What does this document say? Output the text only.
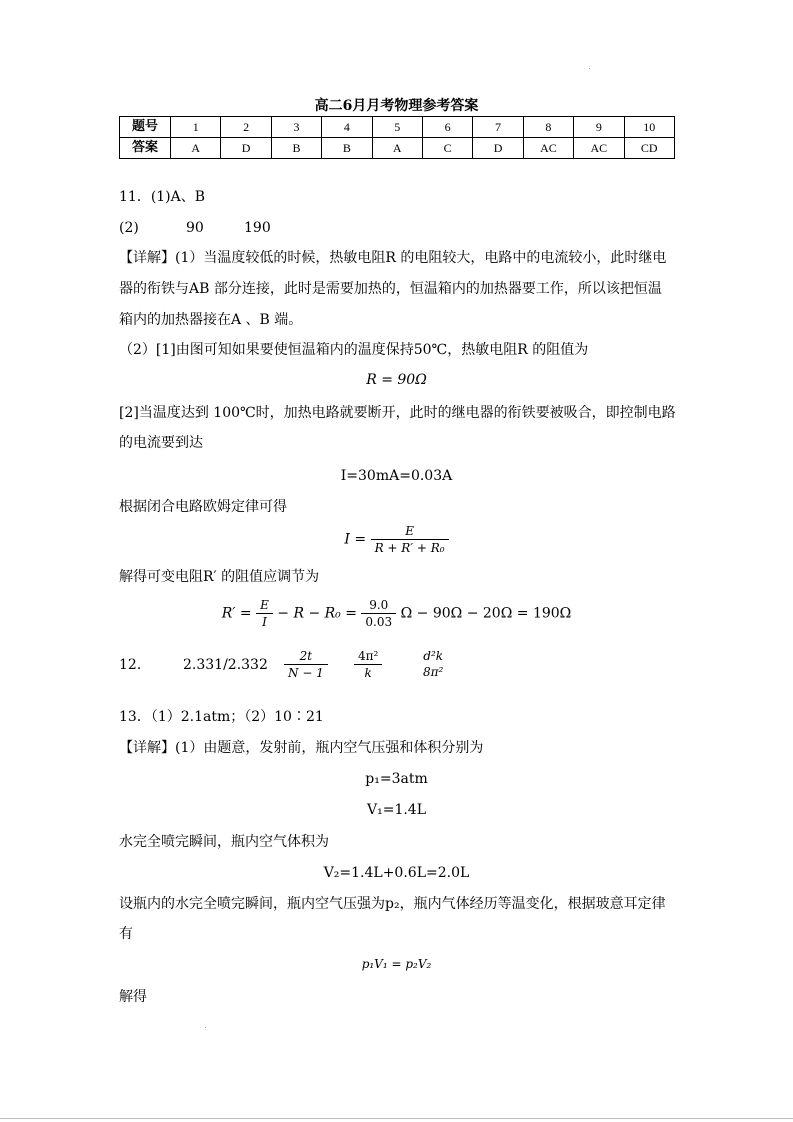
高二6月月考物理参考答案
题号	1	2	3	4	5	6	7	8	9	10
答案	A	D	B	B	A	C	D	AC	AC	CD
11．(1)A、B
(2)	90	190
【详解】(1）当温度较低的时候，热敏电阻R 的电阻较大，电路中的电流较小，此时继电
器的衔铁与AB 部分连接，此时是需要加热的，恒温箱内的加热器要工作，所以该把恒温
箱内的加热器接在A 、B 端。
（2）[1]由图可知如果要使恒温箱内的温度保持50℃，热敏电阻R 的阻值为
R = 90Ω
[2]当温度达到 100℃时，加热电路就要断开，此时的继电器的衔铁要被吸合，即控制电路
的电流要到达
I=30mA=0.03A
根据闭合电路欧姆定律可得
$I = \frac{E}{\text{R + R′ + R₀}}$
解得可变电阻R′ 的阻值应调节为
$R' = \frac{E}{I} - R - R_0 = \frac{9.0}{0.03}$ Ω − 90Ω − 20Ω = 190Ω
12． $2.331/2.332 \frac{2t}{N - 1} \frac{\text{4π²}}{k}$	d²k
8π²
13．（1）2.1atm；（2）10∶21
【详解】(1）由题意，发射前，瓶内空气压强和体积分别为
p₁=3atm
V₁=1.4L
水完全喷完瞬间，瓶内空气体积为
V₂=1.4L+0.6L=2.0L
设瓶内的水完全喷完瞬间，瓶内空气压强为p₂，瓶内气体经历等温变化，根据玻意耳定律
有
p₁V₁ = p₂V₂
解得
